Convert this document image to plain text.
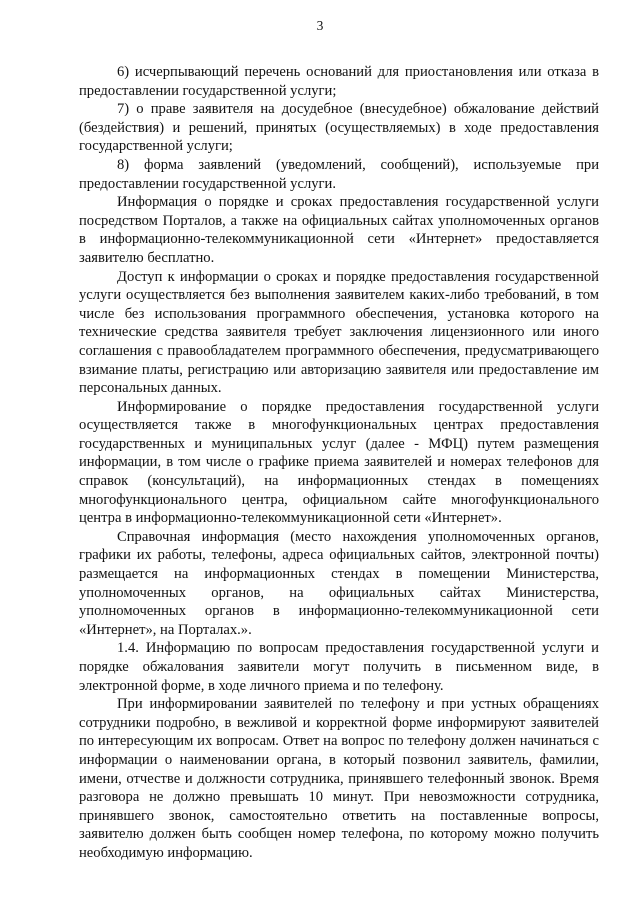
3

6) исчерпывающий перечень оснований для приостановления или отказа в предоставлении государственной услуги;

7) о праве заявителя на досудебное (внесудебное) обжалование действий (бездействия) и решений, принятых (осуществляемых) в ходе предоставления государственной услуги;

8) форма заявлений (уведомлений, сообщений), используемые при предоставлении государственной услуги.

Информация о порядке и сроках предоставления государственной услуги посредством Порталов, а также на официальных сайтах уполномоченных органов в информационно-телекоммуникационной сети «Интернет» предоставляется заявителю бесплатно.

Доступ к информации о сроках и порядке предоставления государственной услуги осуществляется без выполнения заявителем каких-либо требований, в том числе без использования программного обеспечения, установка которого на технические средства заявителя требует заключения лицензионного или иного соглашения с правообладателем программного обеспечения, предусматривающего взимание платы, регистрацию или авторизацию заявителя или предоставление им персональных данных.

Информирование о порядке предоставления государственной услуги осуществляется также в многофункциональных центрах предоставления государственных и муниципальных услуг (далее - МФЦ) путем размещения информации, в том числе о графике приема заявителей и номерах телефонов для справок (консультаций), на информационных стендах в помещениях многофункционального центра, официальном сайте многофункционального центра в информационно-телекоммуникационной сети «Интернет».

Справочная информация (место нахождения уполномоченных органов, графики их работы, телефоны, адреса официальных сайтов, электронной почты) размещается на информационных стендах в помещении Министерства, уполномоченных органов, на официальных сайтах Министерства, уполномоченных органов в информационно-телекоммуникационной сети «Интернет», на Порталах.».

1.4. Информацию по вопросам предоставления государственной услуги и порядке обжалования заявители могут получить в письменном виде, в электронной форме, в ходе личного приема и по телефону.

При информировании заявителей по телефону и при устных обращениях сотрудники подробно, в вежливой и корректной форме информируют заявителей по интересующим их вопросам. Ответ на вопрос по телефону должен начинаться с информации о наименовании органа, в который позвонил заявитель, фамилии, имени, отчестве и должности сотрудника, принявшего телефонный звонок. Время разговора не должно превышать 10 минут. При невозможности сотрудника, принявшего звонок, самостоятельно ответить на поставленные вопросы, заявителю должен быть сообщен номер телефона, по которому можно получить необходимую информацию.
